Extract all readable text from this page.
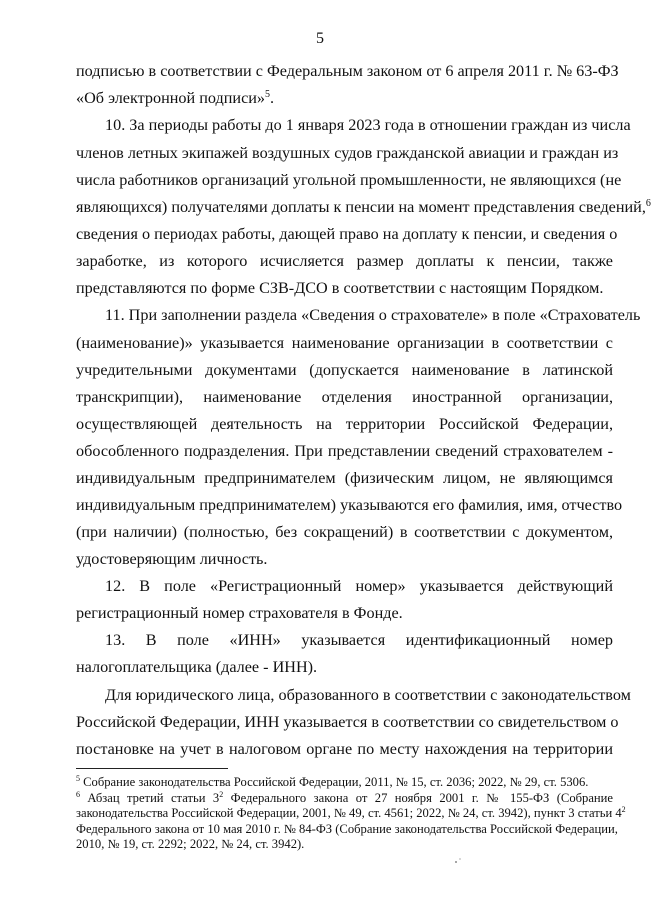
5
подписью в соответствии с Федеральным законом от 6 апреля 2011 г. № 63-ФЗ
«Об электронной подписи»$^5$.
10. За периоды работы до 1 января 2023 года в отношении граждан из числа
членов летных экипажей воздушных судов гражданской авиации и граждан из
числа работников организаций угольной промышленности, не являющихся (не
являющихся) получателями доплаты к пенсии на момент представления сведений,$^6$
сведения о периодах работы, дающей право на доплату к пенсии, и сведения о
заработке, из которого исчисляется размер доплаты к пенсии, также
представляются по форме СЗВ-ДСО в соответствии с настоящим Порядком.
11. При заполнении раздела «Сведения о страхователе» в поле «Страхователь
(наименование)» указывается наименование организации в соответствии с
учредительными документами (допускается наименование в латинской
транскрипции), наименование отделения иностранной организации,
осуществляющей деятельность на территории Российской Федерации,
обособленного подразделения. При представлении сведений страхователем -
индивидуальным предпринимателем (физическим лицом, не являющимся
индивидуальным предпринимателем) указываются его фамилия, имя, отчество
(при наличии) (полностью, без сокращений) в соответствии с документом,
удостоверяющим личность.
12. В поле «Регистрационный номер» указывается действующий
регистрационный номер страхователя в Фонде.
13. В поле «ИНН» указывается идентификационный номер
налогоплательщика (далее - ИНН).
Для юридического лица, образованного в соответствии с законодательством
Российской Федерации, ИНН указывается в соответствии со свидетельством о
постановке на учет в налоговом органе по месту нахождения на территории
$^5$ Собрание законодательства Российской Федерации, 2011, № 15, ст. 2036; 2022, № 29, ст. 5306.
$^6$ Абзац третий статьи $3^2$ Федерального закона от 27 ноября 2001 г. № 155-ФЗ (Собрание
законодательства Российской Федерации, 2001, № 49, ст. 4561; 2022, № 24, ст. 3942), пункт 3 статьи $4^2$
Федерального закона от 10 мая 2010 г. № 84-ФЗ (Собрание законодательства Российской Федерации,
2010, № 19, ст. 2292; 2022, № 24, ст. 3942).
